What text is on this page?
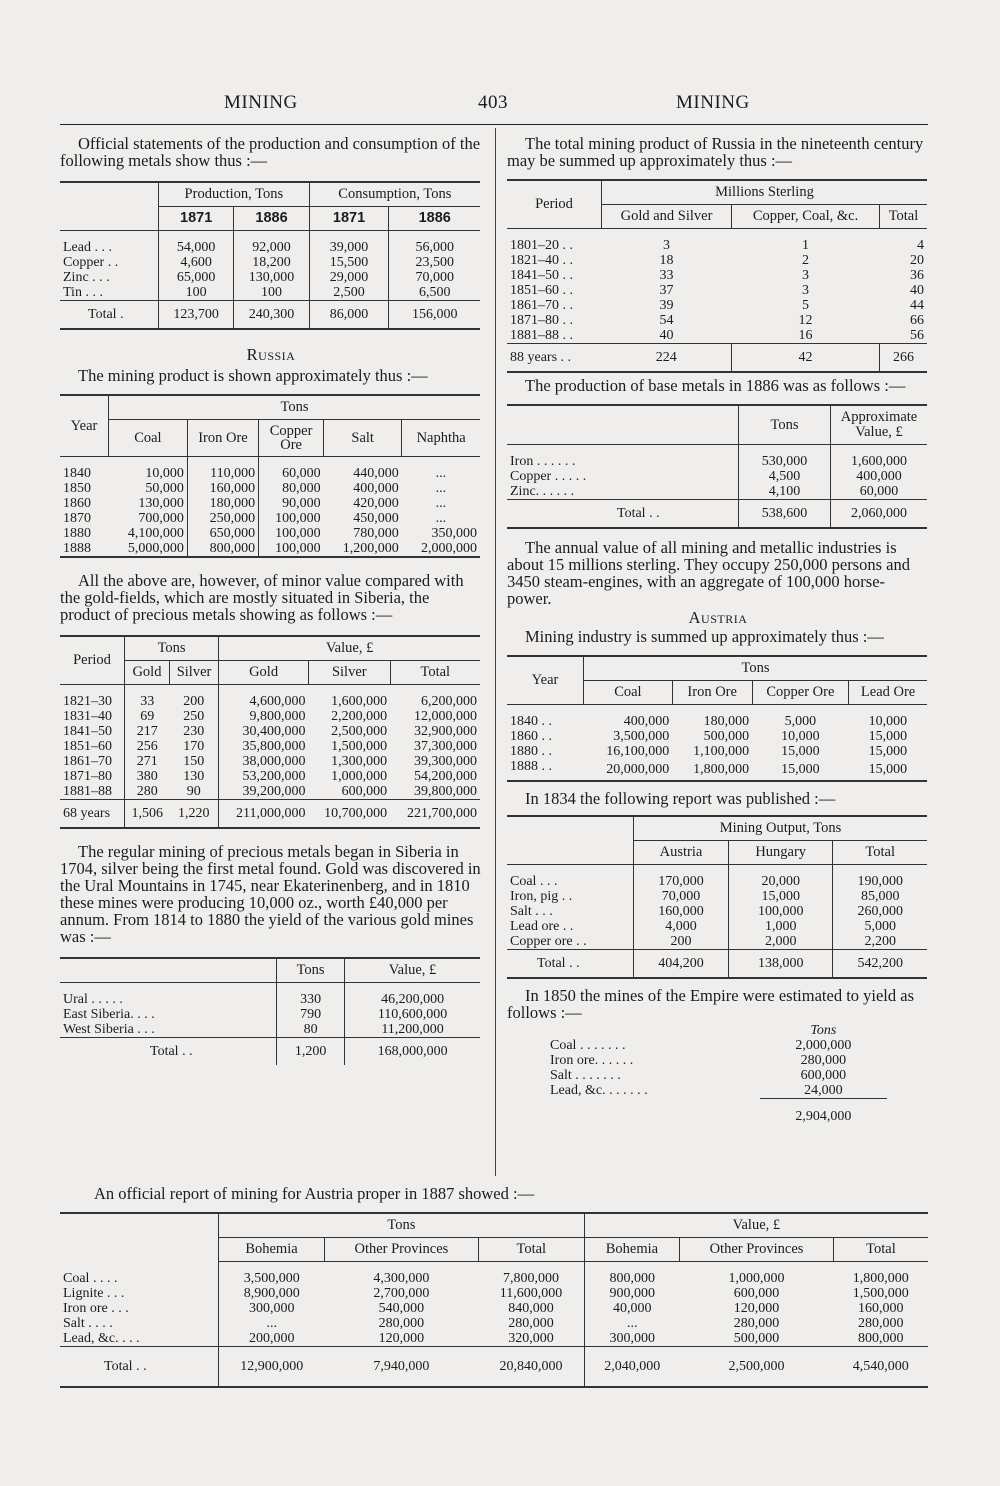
MINING	403	MINING

Official statements of the production and consumption of the following metals show thus :—

	Production, Tons		Consumption, Tons	
	1871	1886	1871	1886

Lead . . .	54,000	92,000	39,000	56,000
Copper . .	4,600	18,200	15,500	23,500
Zinc . . .	65,000	130,000	29,000	70,000
Tin . . .	100	100	2,500	6,500
Total .	123,700	240,300	86,000	156,000

Russia

The mining product is shown approximately thus :—

Year	Tons				
	Coal	Iron Ore	Copper Ore	Salt	Naphtha

1840	10,000	110,000	60,000	440,000	...
1850	50,000	160,000	80,000	400,000	...
1860	130,000	180,000	90,000	420,000	...
1870	700,000	250,000	100,000	450,000	...
1880	4,100,000	650,000	100,000	780,000	350,000
1888	5,000,000	800,000	100,000	1,200,000	2,000,000

All the above are, however, of minor value compared with the gold-fields, which are mostly situated in Siberia, the product of precious metals showing as follows :—

Period	Tons		Value, £		
	Gold	Silver	Gold	Silver	Total

1821–30	33	200	4,600,000	1,600,000	6,200,000
1831–40	69	250	9,800,000	2,200,000	12,000,000
1841–50	217	230	30,400,000	2,500,000	32,900,000
1851–60	256	170	35,800,000	1,500,000	37,300,000
1861–70	271	150	38,000,000	1,300,000	39,300,000
1871–80	380	130	53,200,000	1,000,000	54,200,000
1881–88	280	90	39,200,000	600,000	39,800,000
68 years	1,506	1,220	211,000,000	10,700,000	221,700,000

The regular mining of precious metals began in Siberia in 1704, silver being the first metal found. Gold was discovered in the Ural Mountains in 1745, near Ekaterinenberg, and in 1810 these mines were producing 10,000 oz., worth £40,000 per annum. From 1814 to 1880 the yield of the various gold mines was :—

	Tons	Value, £

Ural . . . . .	330	46,200,000
East Siberia. . . .	790	110,600,000
West Siberia . . .	80	11,200,000
Total . .	1,200	168,000,000

The total mining product of Russia in the nineteenth century may be summed up approximately thus :—

Period	Millions Sterling		
	Gold and Silver	Copper, Coal, &c.	Total

1801–20 . .	3	1	4
1821–40 . .	18	2	20
1841–50 . .	33	3	36
1851–60 . .	37	3	40
1861–70 . .	39	5	44
1871–80 . .	54	12	66
1881–88 . .	40	16	56
88 years . .	224	42	266

The production of base metals in 1886 was as follows :—

	Tons	Approximate Value, £

Iron . . . . . .	530,000	1,600,000
Copper . . . . .	4,500	400,000
Zinc. . . . . .	4,100	60,000
Total . .	538,600	2,060,000

The annual value of all mining and metallic industries is about 15 millions sterling. They occupy 250,000 persons and 3450 steam-engines, with an aggregate of 100,000 horse-power.

Austria

Mining industry is summed up approximately thus :—

Year	Tons			
	Coal	Iron Ore	Copper Ore	Lead Ore

1840 . .	400,000	180,000	5,000	10,000
1860 . .	3,500,000	500,000	10,000	15,000
1880 . .	16,100,000	1,100,000	15,000	15,000
1888 . .	20,000,000	1,800,000	15,000	15,000

In 1834 the following report was published :—

	Mining Output, Tons		
	Austria	Hungary	Total

Coal . . .	170,000	20,000	190,000
Iron, pig . .	70,000	15,000	85,000
Salt . . .	160,000	100,000	260,000
Lead ore . .	4,000	1,000	5,000
Copper ore . .	200	2,000	2,200
Total . .	404,200	138,000	542,200

In 1850 the mines of the Empire were estimated to yield as follows :—

	Tons
Coal . . . . . . .	2,000,000
Iron ore. . . . . .	280,000
Salt . . . . . . .	600,000
Lead, &c. . . . . . .	24,000
	2,904,000

An official report of mining for Austria proper in 1887 showed :—

	Tons			Value, £		
	Bohemia	Other Provinces	Total	Bohemia	Other Provinces	Total

Coal . . . .	3,500,000	4,300,000	7,800,000	800,000	1,000,000	1,800,000
Lignite . . .	8,900,000	2,700,000	11,600,000	900,000	600,000	1,500,000
Iron ore . . .	300,000	540,000	840,000	40,000	120,000	160,000
Salt . . . .	...	280,000	280,000	...	280,000	280,000
Lead, &c. . . .	200,000	120,000	320,000	300,000	500,000	800,000
Total . .	12,900,000	7,940,000	20,840,000	2,040,000	2,500,000	4,540,000
